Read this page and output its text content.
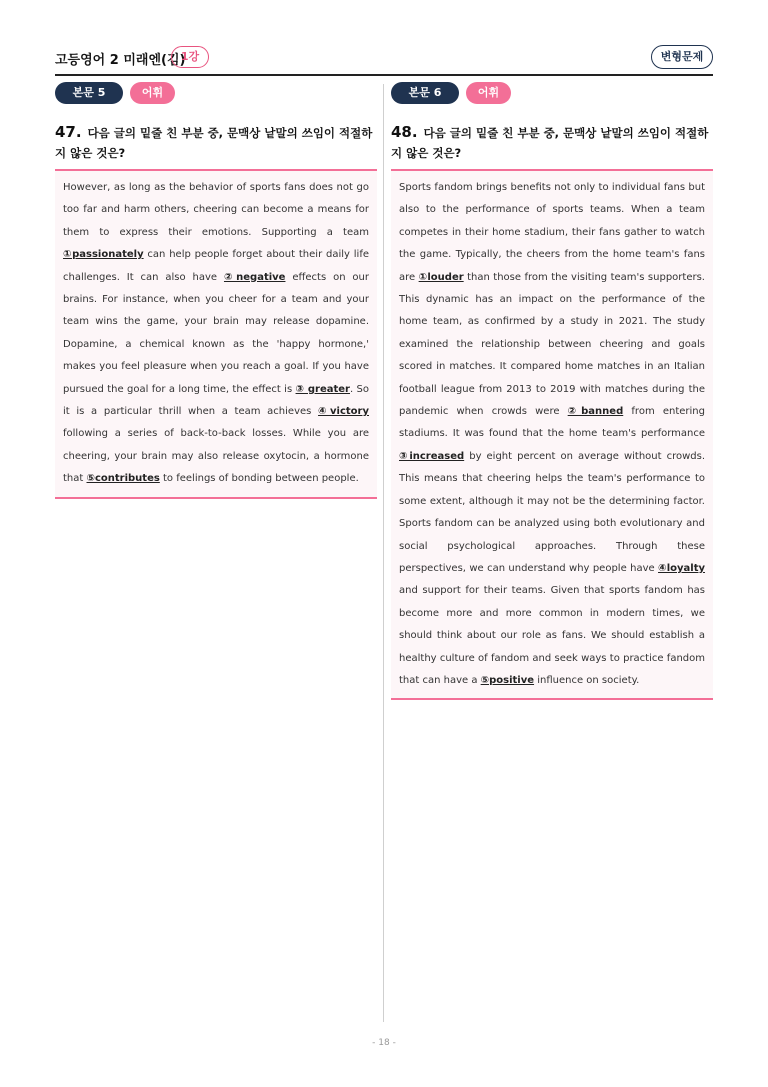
고등영어 2 미래엔(김)
1강	변형문제
본문 5	어휘
47. 다음 글의 밑줄 친 부분 중, 문맥상 낱말의 쓰임이 적절하지 않은 것은?
However, as long as the behavior of sports fans does not go too far and harm others, cheering can become a means for them to express their emotions. Supporting a team ①passionately can help people forget about their daily life challenges. It can also have ②negative effects on our brains. For instance, when you cheer for a team and your team wins the game, your brain may release dopamine. Dopamine, a chemical known as the 'happy hormone,' makes you feel pleasure when you reach a goal. If you have pursued the goal for a long time, the effect is ③ greater. So it is a particular thrill when a team achieves ④victory following a series of back-to-back losses. While you are cheering, your brain may also release oxytocin, a hormone that ⑤contributes to feelings of bonding between people.
본문 6	어휘
48. 다음 글의 밑줄 친 부분 중, 문맥상 낱말의 쓰임이 적절하지 않은 것은?
Sports fandom brings benefits not only to individual fans but also to the performance of sports teams. When a team competes in their home stadium, their fans gather to watch the game. Typically, the cheers from the home team's fans are ①louder than those from the visiting team's supporters. This dynamic has an impact on the performance of the home team, as confirmed by a study in 2021. The study examined the relationship between cheering and goals scored in matches. It compared home matches in an Italian football league from 2013 to 2019 with matches during the pandemic when crowds were ②banned from entering stadiums. It was found that the home team's performance ③increased by eight percent on average without crowds. This means that cheering helps the team's performance to some extent, although it may not be the determining factor. Sports fandom can be analyzed using both evolutionary and social psychological approaches. Through these perspectives, we can understand why people have ④loyalty and support for their teams. Given that sports fandom has become more and more common in modern times, we should think about our role as fans. We should establish a healthy culture of fandom and seek ways to practice fandom that can have a ⑤positive influence on society.
- 18 -
